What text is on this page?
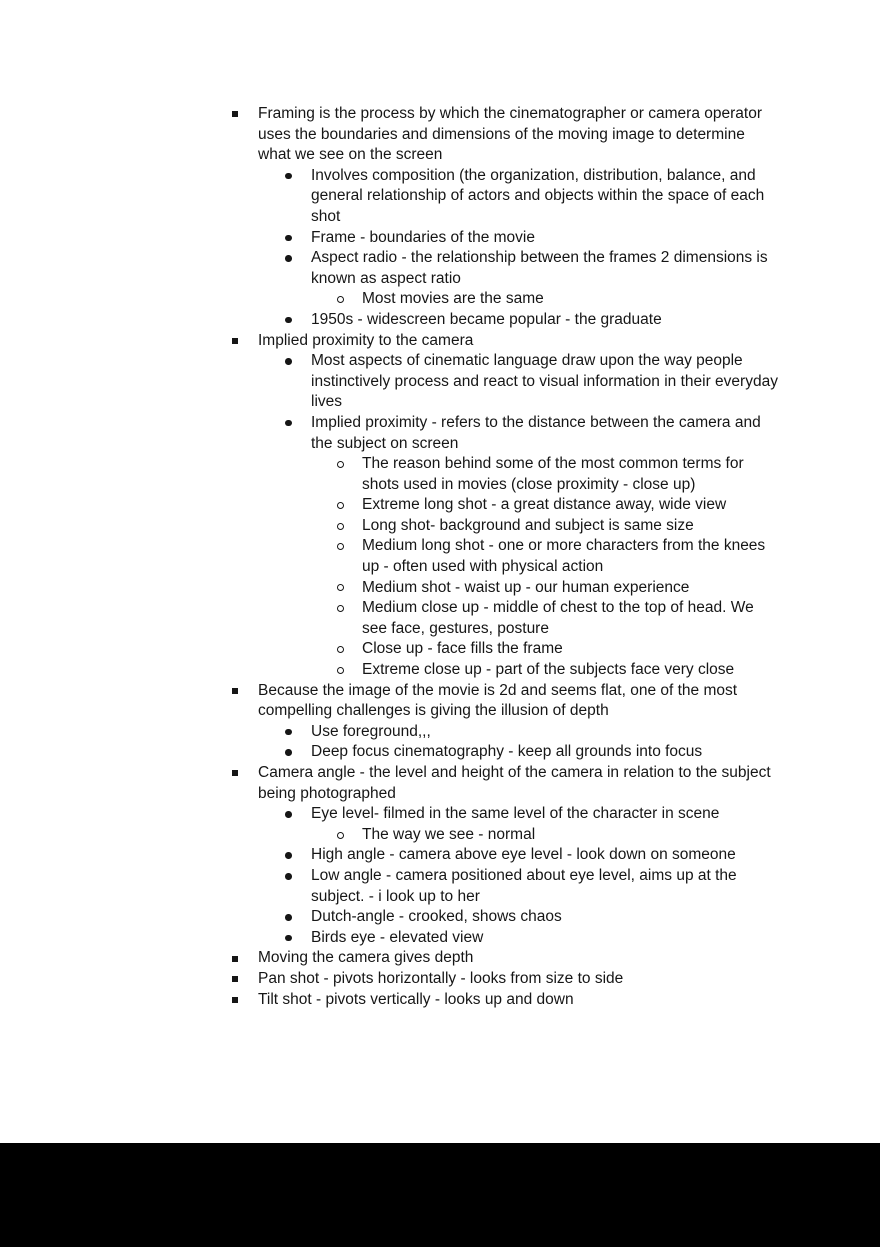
Framing is the process by which the cinematographer or camera operator uses the boundaries and dimensions of the moving image to determine what we see on the screen
Involves composition (the organization, distribution, balance, and general relationship of actors and objects within the space of each shot
Frame - boundaries of the movie
Aspect radio - the relationship between the frames 2 dimensions is known as aspect ratio
Most movies are the same
1950s - widescreen became popular - the graduate
Implied proximity to the camera
Most aspects of cinematic language draw upon the way people instinctively process and react to visual information in their everyday lives
Implied proximity - refers to the distance between the camera and the subject on screen
The reason behind some of the most common terms for shots used in movies (close proximity - close up)
Extreme long shot - a great distance away, wide view
Long shot- background and subject is same size
Medium long shot - one or more characters from the knees up - often used with physical action
Medium shot - waist up - our human experience
Medium close up - middle of chest to the top of head. We see face, gestures, posture
Close up - face fills the frame
Extreme close up - part of the subjects face very close
Because the image of the movie is 2d and seems flat, one of the most compelling challenges is giving the illusion of depth
Use foreground,,,
Deep focus cinematography - keep all grounds into focus
Camera angle - the level and height of the camera in relation to the subject being photographed
Eye level- filmed in the same level of the character in scene
The way we see - normal
High angle - camera above eye level - look down on someone
Low angle - camera positioned about eye level, aims up at the subject. - i look up to her
Dutch-angle - crooked, shows chaos
Birds eye - elevated view
Moving the camera gives depth
Pan shot - pivots horizontally - looks from size to side
Tilt shot - pivots vertically - looks up and down
